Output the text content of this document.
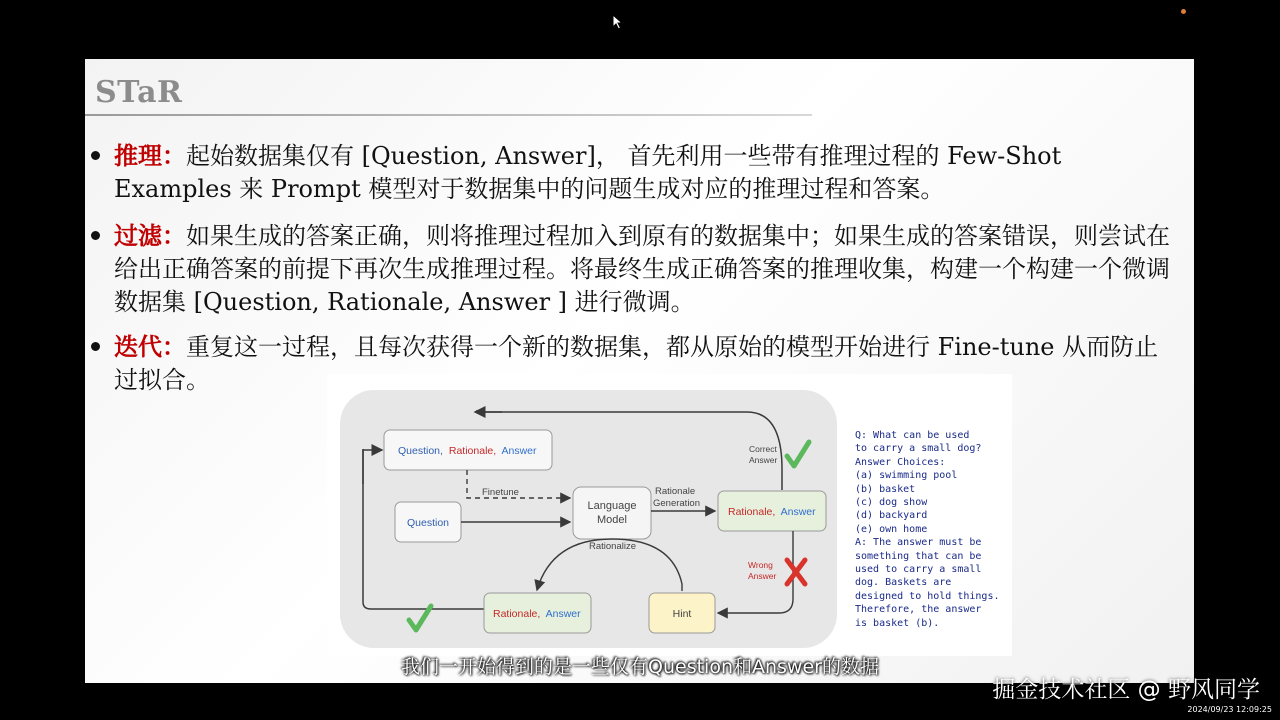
STaR
推理：起始数据集仅有 [Question, Answer]， 首先利用一些带有推理过程的 Few-Shot Examples 来 Prompt 模型对于数据集中的问题生成对应的推理过程和答案。
过滤：如果生成的答案正确，则将推理过程加入到原有的数据集中；如果生成的答案错误，则尝试在给出正确答案的前提下再次生成推理过程。将最终生成正确答案的推理收集，构建一个构建一个微调数据集 [Question, Rationale, Answer ] 进行微调。
迭代：重复这一过程，且每次获得一个新的数据集，都从原始的模型开始进行 Fine-tune 从而防止过拟合。
Question, Rationale, Answer
Question
Language
Model
Finetune	Rationale
Generation
Rationale, Answer
Correct
Answer
Wrong
Answer
Rationalize
Hint
Rationale, Answer
Q: What can be used
to carry a small dog?
Answer Choices:
(a) swimming pool
(b) basket
(c) dog show
(d) backyard
(e) own home
A: The answer must be
something that can be
used to carry a small
dog. Baskets are
designed to hold things.
Therefore, the answer
is basket (b).
我们一开始得到的是一些仅有Question和Answer的数据
掘金技术社区 @ 野风同学
2024/09/23 12:09:25
